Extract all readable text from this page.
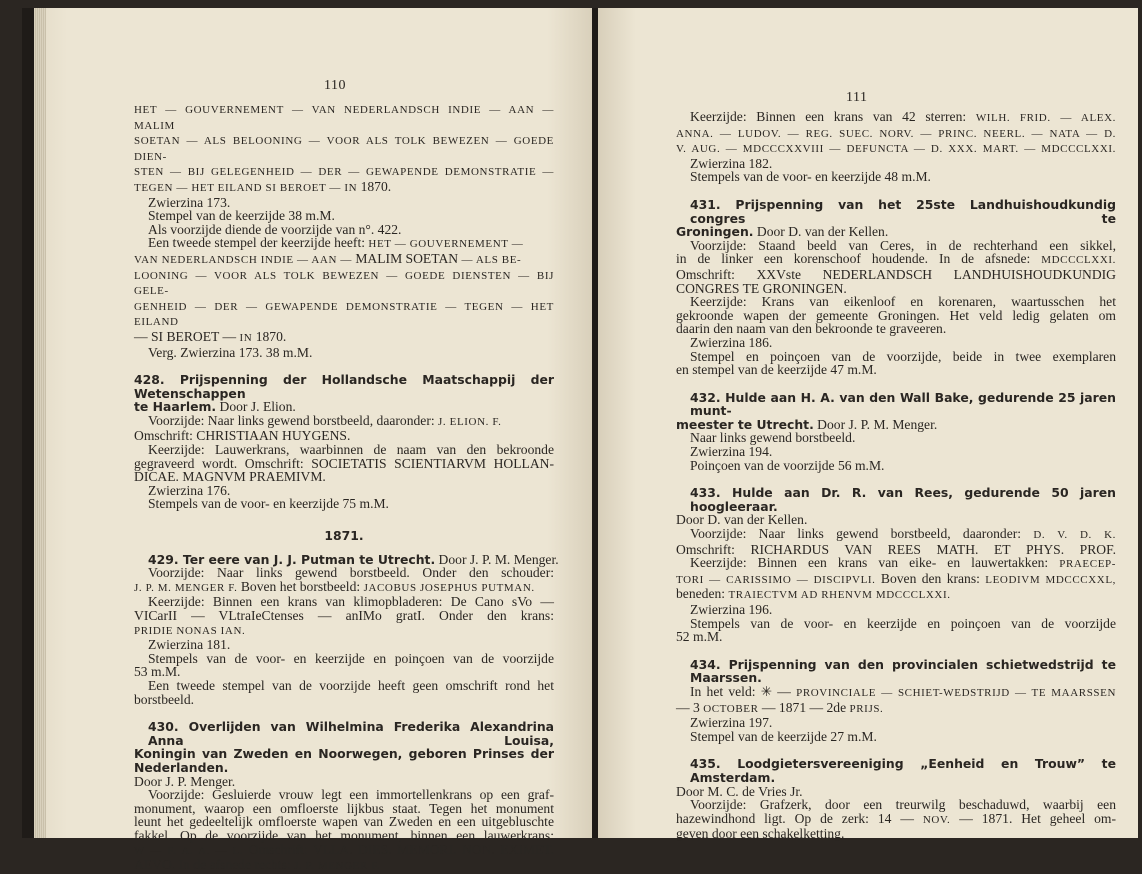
110
HET — GOUVERNEMENT — VAN NEDERLANDSCH INDIE — AAN — MALIM
SOETAN — ALS BELOONING — VOOR ALS TOLK BEWEZEN — GOEDE DIEN-
STEN — BIJ GELEGENHEID — DER — GEWAPENDE DEMONSTRATIE —
TEGEN — HET EILAND SI BEROET — IN 1870.
Zwierzina 173.
Stempel van de keerzijde 38 m.M.
Als voorzijde diende de voorzijde van n°. 422.
Een tweede stempel der keerzijde heeft: HET — GOUVERNEMENT —
VAN NEDERLANDSCH INDIE — AAN — MALIM SOETAN — ALS BE-
LOONING — VOOR ALS TOLK BEWEZEN — GOEDE DIENSTEN — BIJ GELE-
GENHEID — DER — GEWAPENDE DEMONSTRATIE — TEGEN — HET EILAND
— SI BEROET — IN 1870.
Verg. Zwierzina 173. 38 m.M.
428. Prijspenning der Hollandsche Maatschappij der Wetenschappen
te Haarlem. Door J. Elion.
Voorzijde: Naar links gewend borstbeeld, daaronder: J. ELION. F.
Omschrift: CHRISTIAAN HUYGENS.
Keerzijde: Lauwerkrans, waarbinnen de naam van den bekroonde
gegraveerd wordt. Omschrift: SOCIETATIS SCIENTIARVM HOLLAN-
DICAE. MAGNVM PRAEMIVM.
Zwierzina 176.
Stempels van de voor- en keerzijde 75 m.M.
1871.
429. Ter eere van J. J. Putman te Utrecht. Door J. P. M. Menger.
Voorzijde: Naar links gewend borstbeeld. Onder den schouder:
J. P. M. MENGER F. Boven het borstbeeld: JACOBUS JOSEPHUS PUTMAN.
Keerzijde: Binnen een krans van klimopbladeren: De Cano sVo —
VICarII — VLtraIeCtenses — anIMo gratI. Onder den krans:
PRIDIE NONAS IAN.
Zwierzina 181.
Stempels van de voor- en keerzijde en poinçoen van de voorzijde
53 m.M.
Een tweede stempel van de voorzijde heeft geen omschrift rond het
borstbeeld.
430. Overlijden van Wilhelmina Frederika Alexandrina Anna Louisa,
Koningin van Zweden en Noorwegen, geboren Prinses der Nederlanden.
Door J. P. Menger.
Voorzijde: Gesluierde vrouw legt een immortellenkrans op een graf-
monument, waarop een omfloerste lijkbus staat. Tegen het monument
leunt het gedeeltelijk omfloerste wapen van Zweden en een uitgebluschte
fakkel. Op de voorzijde van het monument, binnen een lauwerkrans:
W — F. A. A. — L. Omschrift: VLLA. DIES. MEMORI. NON. EXIMET.
AEVO. In de afsnede rechts: J. P. MENGER F.
111
Keerzijde: Binnen een krans van 42 sterren: WILH. FRID. — ALEX.
ANNA. — LUDOV. — REG. SUEC. NORV. — PRINC. NEERL. — NATA — D.
V. AUG. — MDCCCXXVIII — DEFUNCTA — D. XXX. MART. — MDCCCLXXI.
Zwierzina 182.
Stempels van de voor- en keerzijde 48 m.M.
431. Prijspenning van het 25ste Landhuishoudkundig congres te
Groningen. Door D. van der Kellen.
Voorzijde: Staand beeld van Ceres, in de rechterhand een sikkel,
in de linker een korenschoof houdende. In de afsnede: MDCCCLXXI.
Omschrift: XXVste NEDERLANDSCH LANDHUISHOUDKUNDIG
CONGRES TE GRONINGEN.
Keerzijde: Krans van eikenloof en korenaren, waartusschen het
gekroonde wapen der gemeente Groningen. Het veld ledig gelaten om
daarin den naam van den bekroonde te graveeren.
Zwierzina 186.
Stempel en poinçoen van de voorzijde, beide in twee exemplaren
en stempel van de keerzijde 47 m.M.
432. Hulde aan H. A. van den Wall Bake, gedurende 25 jaren munt-
meester te Utrecht. Door J. P. M. Menger.
Naar links gewend borstbeeld.
Zwierzina 194.
Poinçoen van de voorzijde 56 m.M.
433. Hulde aan Dr. R. van Rees, gedurende 50 jaren hoogleeraar.
Door D. van der Kellen.
Voorzijde: Naar links gewend borstbeeld, daaronder: D. V. D. K.
Omschrift: RICHARDUS VAN REES MATH. ET PHYS. PROF.
Keerzijde: Binnen een krans van eike- en lauwertakken: PRAECEP-
TORI — CARISSIMO — DISCIPVLI. Boven den krans: LEODIVM MDCCCXXL,
beneden: TRAIECTVM AD RHENVM MDCCCLXXI.
Zwierzina 196.
Stempels van de voor- en keerzijde en poinçoen van de voorzijde
52 m.M.
434. Prijspenning van den provincialen schietwedstrijd te Maarssen.
In het veld: ✳ — PROVINCIALE — SCHIET-WEDSTRIJD — TE MAARSSEN
— 3 OCTOBER — 1871 — 2de PRIJS.
Zwierzina 197.
Stempel van de keerzijde 27 m.M.
435. Loodgietersvereeniging „Eenheid en Trouw” te Amsterdam.
Door M. C. de Vries Jr.
Voorzijde: Grafzerk, door een treurwilg beschaduwd, waarbij een
hazewindhond ligt. Op de zerk: 14 — NOV. — 1871. Het geheel om-
geven door een schakelketting.
